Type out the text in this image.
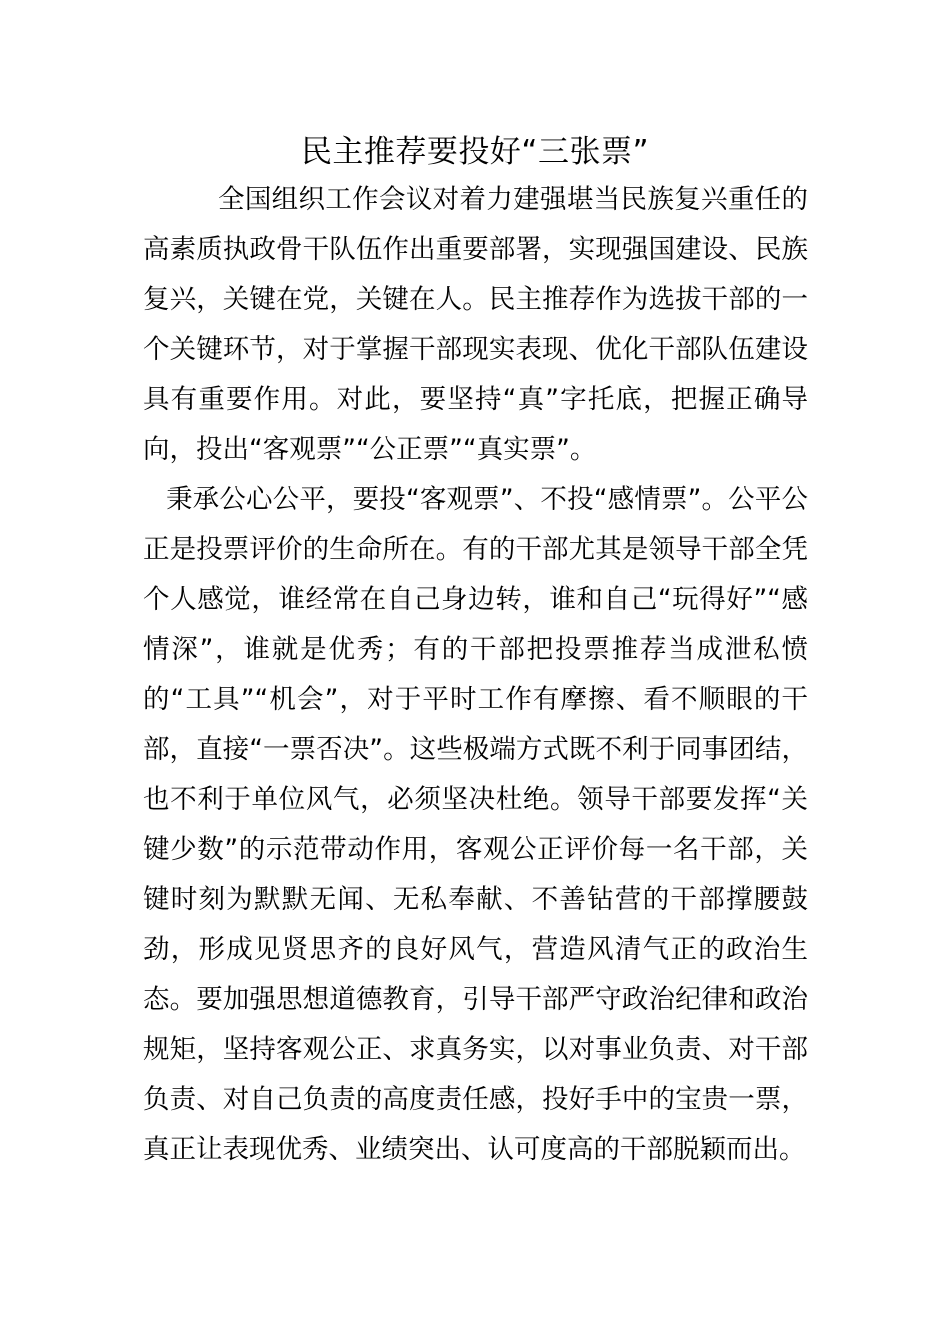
民主推荐要投好“三张票”

全国组织工作会议对着力建强堪当民族复兴重任的高素质执政骨干队伍作出重要部署，实现强国建设、民族复兴，关键在党，关键在人。民主推荐作为选拔干部的一个关键环节，对于掌握干部现实表现、优化干部队伍建设具有重要作用。对此，要坚持“真”字托底，把握正确导向，投出“客观票”“公正票”“真实票”。

秉承公心公平，要投“客观票”、不投“感情票”。公平公正是投票评价的生命所在。有的干部尤其是领导干部全凭个人感觉，谁经常在自己身边转，谁和自己“玩得好”“感情深”，谁就是优秀；有的干部把投票推荐当成泄私愤的“工具”“机会”，对于平时工作有摩擦、看不顺眼的干部，直接“一票否决”。这些极端方式既不利于同事团结，也不利于单位风气，必须坚决杜绝。领导干部要发挥“关键少数”的示范带动作用，客观公正评价每一名干部，关键时刻为默默无闻、无私奉献、不善钻营的干部撑腰鼓劲，形成见贤思齐的良好风气，营造风清气正的政治生态。要加强思想道德教育，引导干部严守政治纪律和政治规矩，坚持客观公正、求真务实，以对事业负责、对干部负责、对自己负责的高度责任感，投好手中的宝贵一票，真正让表现优秀、业绩突出、认可度高的干部脱颖而出。
